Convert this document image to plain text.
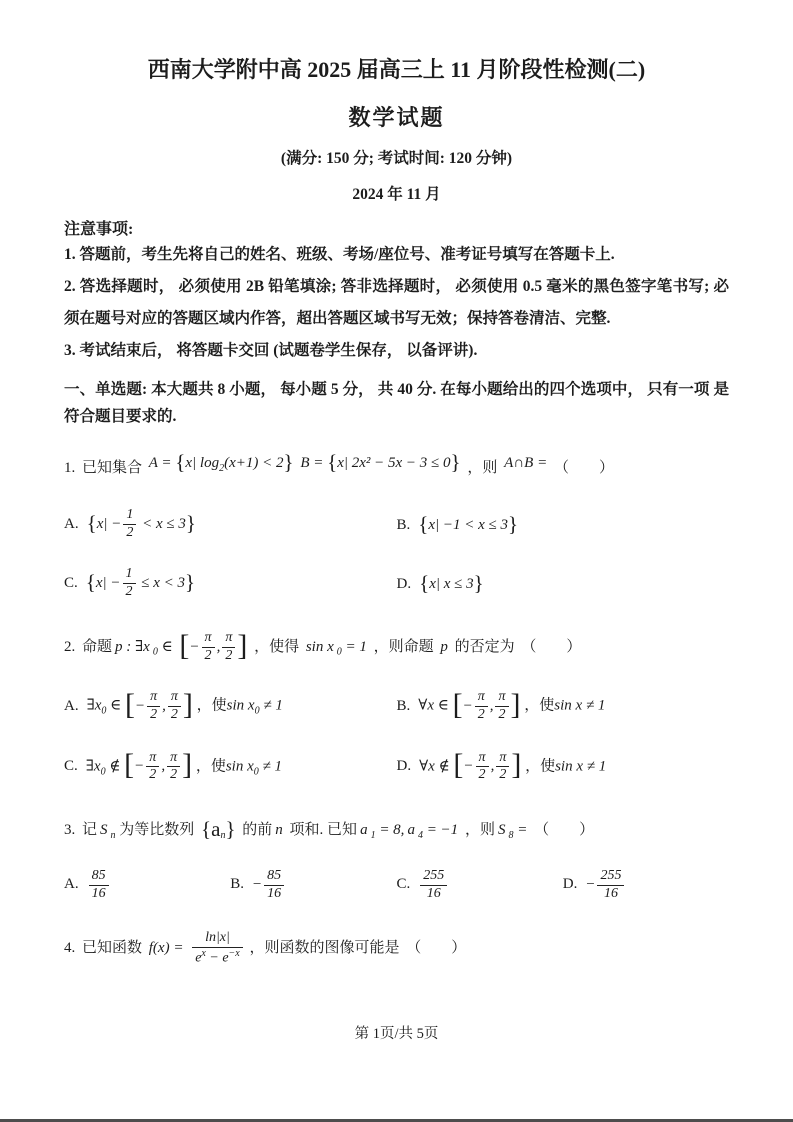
西南大学附中高 2025 届高三上 11 月阶段性检测(二)
数学试题
(满分: 150 分; 考试时间: 120 分钟)
2024 年 11 月
注意事项:

1. 答题前，考生先将自己的姓名、班级、考场/座位号、准考证号填写在答题卡上.

2. 答选择题时， 必须使用 2B 铅笔填涂; 答非选择题时， 必须使用 0.5 毫米的黑色签字笔书写; 必须在题号对应的答题区域内作答，超出答题区域书写无效；保持答卷清洁、完整.

3. 考试结束后， 将答题卡交回 (试题卷学生保存， 以备评讲).

一、单选题: 本大题共 8 小题， 每小题 5 分， 共 40 分. 在每小题给出的四个选项中， 只有一项 是符合题目要求的.

1. 已知集合 A = {x| $\log_2(x+1) < 2$} B = {x| 2x² − 5x − 3 ≤ 0} ，则 A∩B = （　　）
A. $\{x| - \frac{1}{2} < x \le 3\}$	B. {x| −1 < x ≤ 3}
C. $\{x| - \frac{1}{2} \le x < 3\}$	D. {x| x ≤ 3}
2. 命题 p : ∃x $_0$ ∈ [− $\frac{\pi}{2}$ , $\frac{\pi}{2}$ ] ，使得 sin x $_0$ = 1 ，则命题 p 的否定为 （　　）
A. $\exists x_0$ ∈ [− $\frac{\pi}{2}$ , $\frac{\pi}{2}$ ] ，使$\sin x_0 \ne 1$	B. ∀x ∈ [− $\frac{\pi}{2}$ , $\frac{\pi}{2}$ ] ，使sin x ≠ 1
C. $\exists x_0$ ∉ [− $\frac{\pi}{2}$ , $\frac{\pi}{2}$ ] ，使$\sin x_0 \ne 1$	D. ∀x ∉ [− $\frac{\pi}{2}$ , $\frac{\pi}{2}$ ] ，使sin x ≠ 1
3. 记 S $_n$ 为等比数列 $\{a_n\}$ 的前 n 项和. 已知 a $_1$ = 8, a $_4$ = −1 ，则 S $_8$ = （　　）
A. $\frac{85}{16}$	B. − $\frac{85}{16}$	C. $\frac{255}{16}$	D. − $\frac{255}{16}$
4. 已知函数 $f(x) = \frac{\ln|x|}{e^x - e^{-x}}$ ，则函数的图像可能是 （　　）
第 1页/共 5页
